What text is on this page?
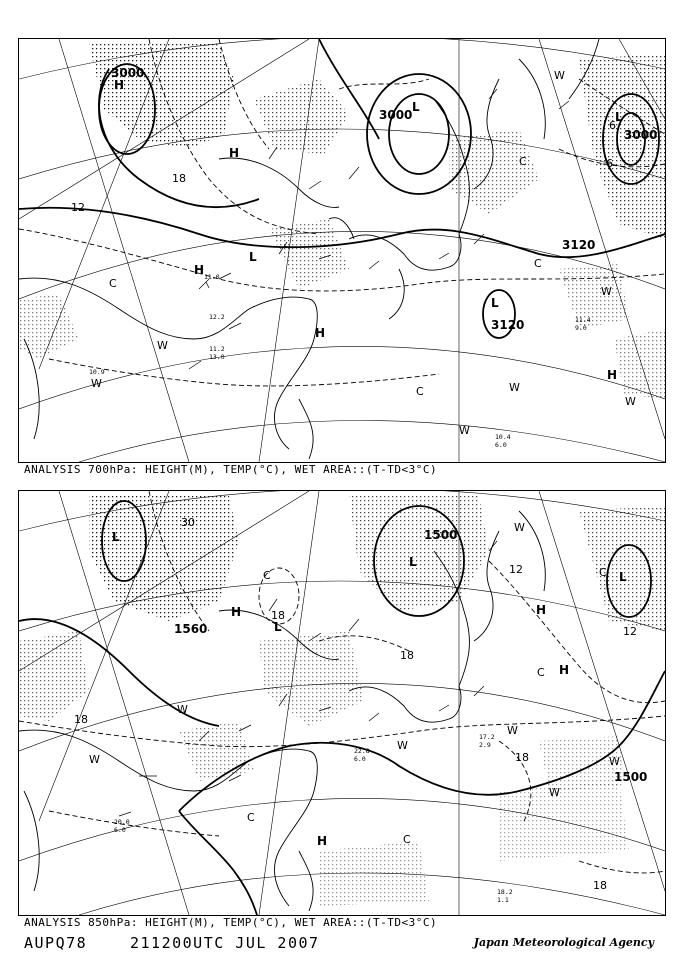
3000
3000
3000
3120
3120
18
12
-6
6
H
H
H
H
H
L
L
L
L
C
C
C
C
W
W	W
W
W
W
W
11.2
13.0
10.9
10.4
6.0
11.4
9.0
11.0
12.2
ANALYSIS 700hPa: HEIGHT(M), TEMP(°C), WET AREA::(T-TD<3°C)
1500
1560
1500
30
18
18
12
12
18
18
18
H	H
H
H
L
L
L
L
C
C
C
C
C
W
W
W
W
W
W
W
18.2
1.1
20.0
6.0
17.2
2.9
22.8
6.0
ANALYSIS 850hPa: HEIGHT(M), TEMP(°C), WET AREA::(T-TD<3°C)
AUPQ78	211200UTC JUL 2007	Japan Meteorological Agency
